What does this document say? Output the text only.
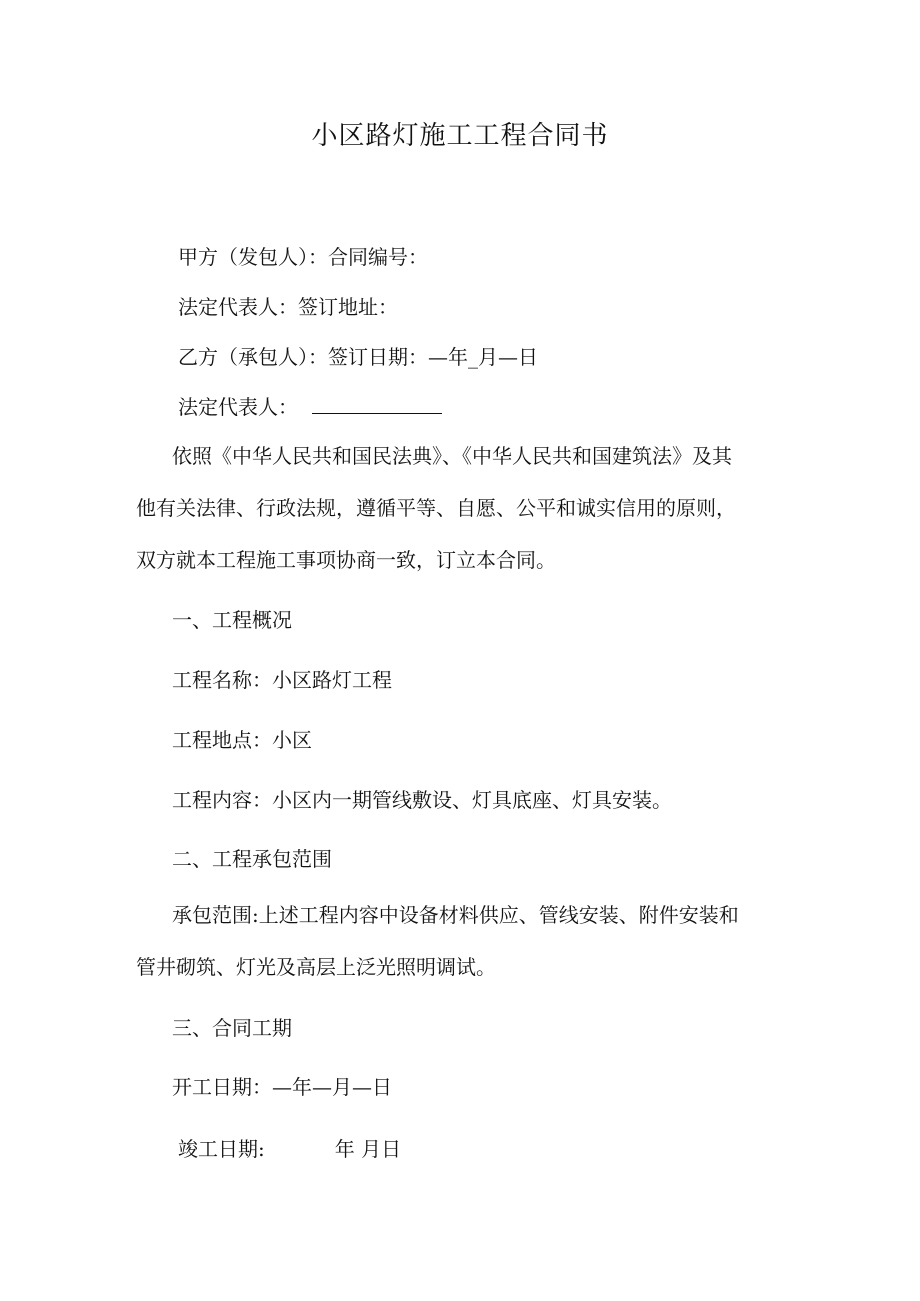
小区路灯施工工程合同书
甲方（发包人）：合同编号：
法定代表人：签订地址：
乙方（承包人）：签订日期：—年_月—日
法定代表人：
依照《中华人民共和国民法典》、《中华人民共和国建筑法》及其
他有关法律、行政法规，遵循平等、自愿、公平和诚实信用的原则，
双方就本工程施工事项协商一致，订立本合同。
一、工程概况
工程名称：小区路灯工程
工程地点：小区
工程内容：小区内一期管线敷设、灯具底座、灯具安装。
二、工程承包范围
承包范围:上述工程内容中设备材料供应、管线安装、附件安装和
管井砌筑、灯光及高层上泛光照明调试。
三、合同工期
开工日期：—年—月—日
竣工日期:	年 月日
